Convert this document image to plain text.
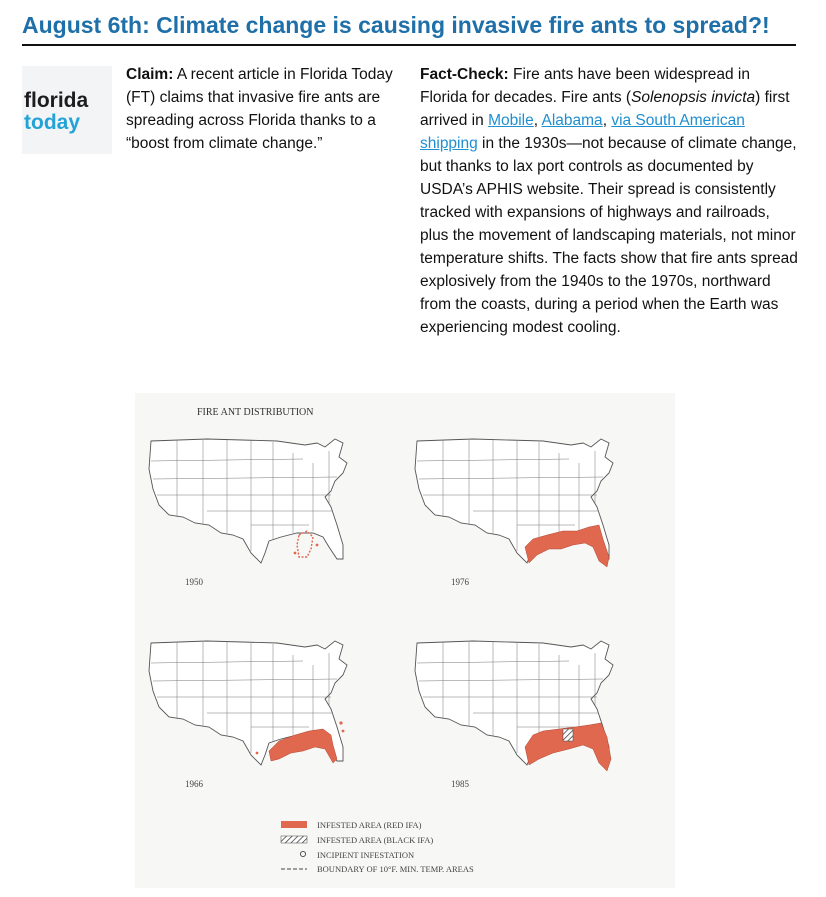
August 6th: Climate change is causing invasive fire ants to spread?!
florida
today
Claim: A recent article in Florida Today (FT) claims that invasive fire ants are spreading across Florida thanks to a “boost from climate change.”
Fact-Check: Fire ants have been widespread in Florida for decades. Fire ants (Solenopsis invicta) first arrived in Mobile, Alabama, via South American shipping in the 1930s—not because of climate change, but thanks to lax port controls as documented by USDA’s APHIS website. Their spread is consistently tracked with expansions of highways and railroads, plus the movement of landscaping materials, not minor temperature shifts. The facts show that fire ants spread explosively from the 1940s to the 1970s, northward from the coasts, during a period when the Earth was experiencing modest cooling.
FIRE ANT DISTRIBUTION
1950	1976
1966	1985
INFESTED AREA (RED IFA)
INFESTED AREA (BLACK IFA)
INCIPIENT INFESTATION
BOUNDARY OF 10°F. MIN. TEMP. AREAS
